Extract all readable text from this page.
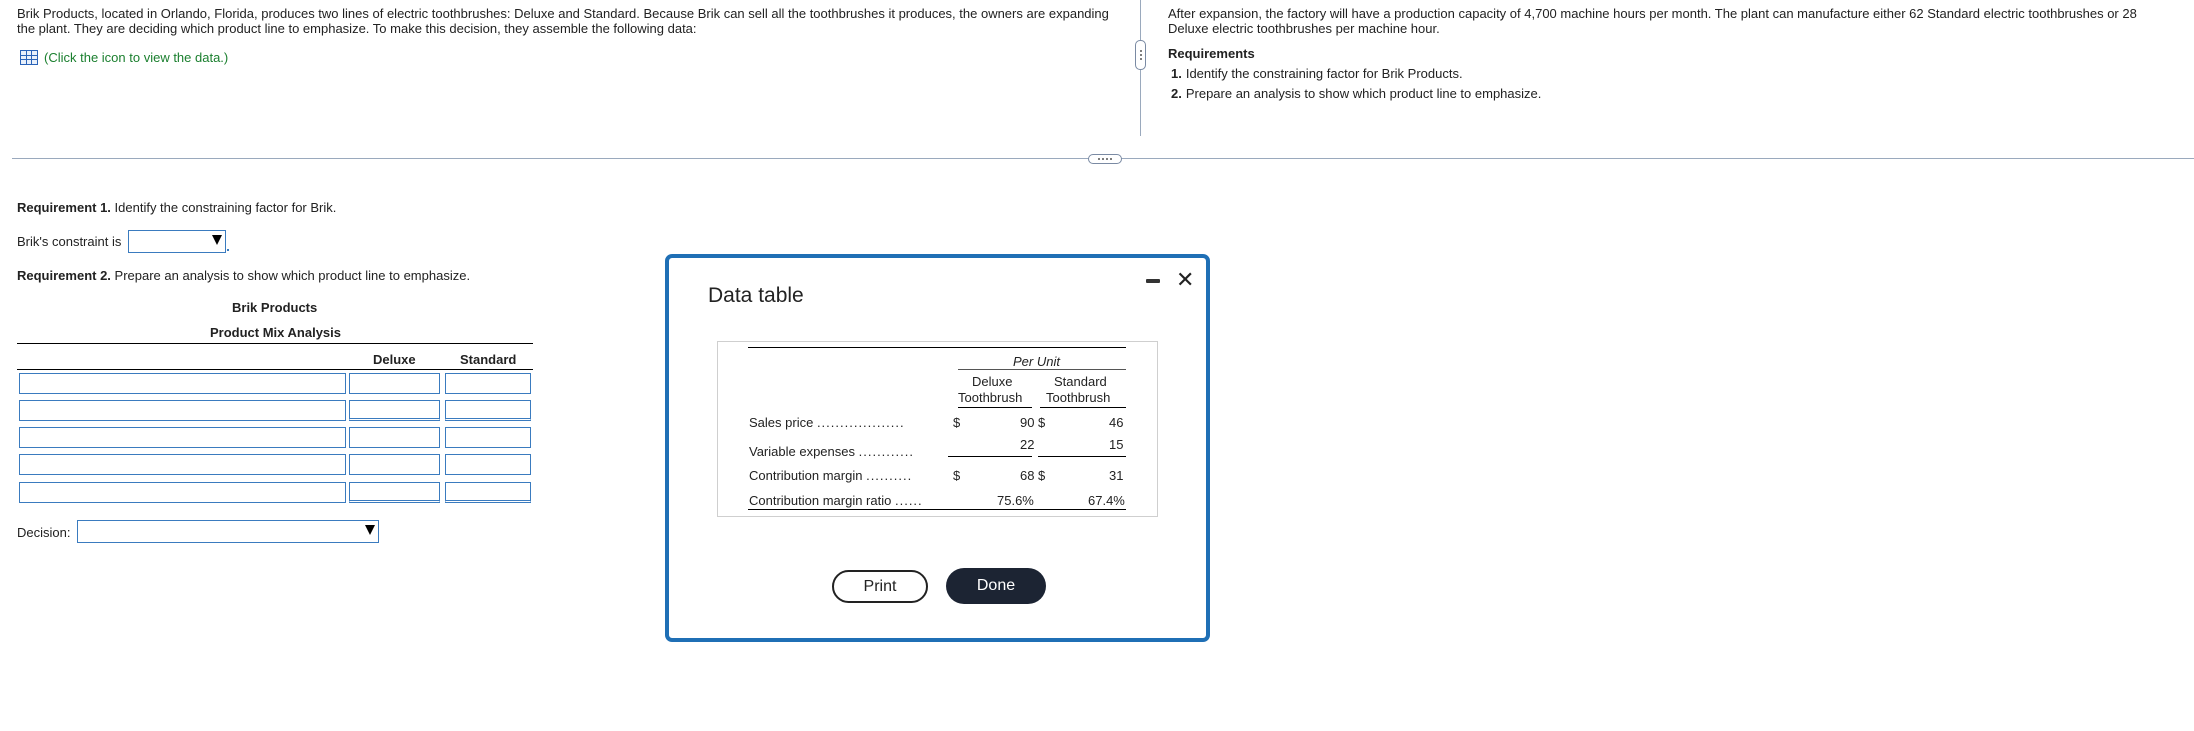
Brik Products, located in Orlando, Florida, produces two lines of electric toothbrushes: Deluxe and Standard. Because Brik can sell all the toothbrushes it produces, the owners are expanding the plant. They are deciding which product line to emphasize. To make this decision, they assemble the following data:
(Click the icon to view the data.)
After expansion, the factory will have a production capacity of 4,700 machine hours per month. The plant can manufacture either 62 Standard electric toothbrushes or 28 Deluxe electric toothbrushes per machine hour.
Requirements
1. Identify the constraining factor for Brik Products.
2. Prepare an analysis to show which product line to emphasize.
Requirement 1. Identify the constraining factor for Brik.
Brik's constraint is
Requirement 2. Prepare an analysis to show which product line to emphasize.
Brik Products
Product Mix Analysis
Deluxe	Standard
Decision:
Data table
✕
Per Unit
Deluxe
Toothbrush
Standard
Toothbrush
Sales price ...................	$	90 $	46
Variable expenses ............	22	15
Contribution margin ..........	$	68 $	31
Contribution margin ratio ......	75.6%	67.4%
Print	Done
